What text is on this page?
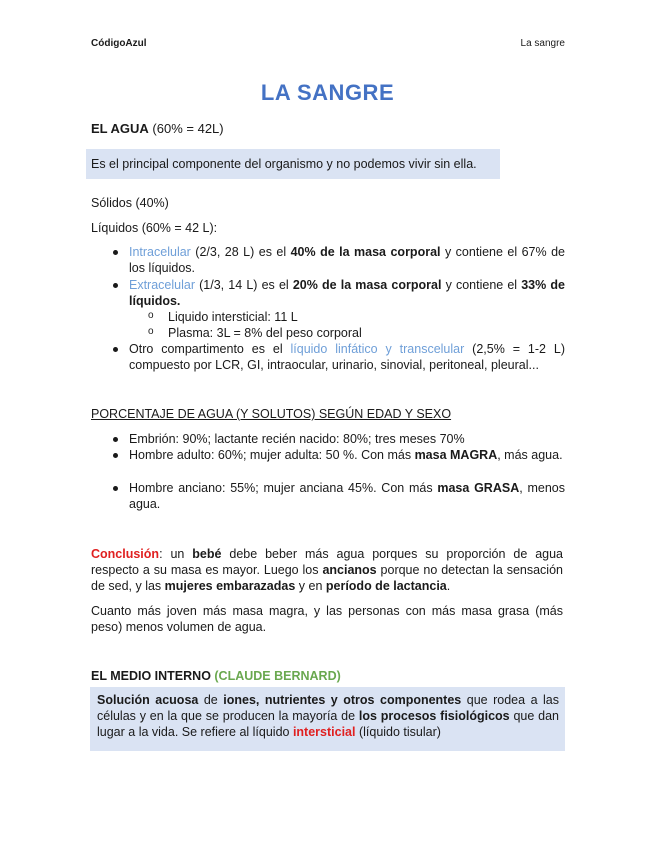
CódigoAzul	La sangre
LA SANGRE
EL AGUA (60% = 42L)
Es el principal componente del organismo y no podemos vivir sin ella.
Sólidos (40%)
Líquidos (60% = 42 L):
Intracelular (2/3, 28 L) es el 40% de la masa corporal y contiene el 67% de los líquidos.
Extracelular (1/3, 14 L) es el 20% de la masa corporal y contiene el 33% de líquidos.
o Liquido intersticial: 11 L
o Plasma: 3L = 8% del peso corporal
Otro compartimento es el líquido linfático y transcelular (2,5% = 1-2 L) compuesto por LCR, GI, intraocular, urinario, sinovial, peritoneal, pleural...
PORCENTAJE DE AGUA (Y SOLUTOS) SEGÚN EDAD Y SEXO
Embrión: 90%; lactante recién nacido: 80%; tres meses 70%
Hombre adulto: 60%; mujer adulta: 50 %. Con más masa MAGRA, más agua.
Hombre anciano: 55%; mujer anciana 45%. Con más masa GRASA, menos agua.
Conclusión: un bebé debe beber más agua porques su proporción de agua respecto a su masa es mayor. Luego los ancianos porque no detectan la sensación de sed, y las mujeres embarazadas y en período de lactancia.
Cuanto más joven más masa magra, y las personas con más masa grasa (más peso) menos volumen de agua.
EL MEDIO INTERNO (CLAUDE BERNARD)
Solución acuosa de iones, nutrientes y otros componentes que rodea a las células y en la que se producen la mayoría de los procesos fisiológicos que dan lugar a la vida. Se refiere al líquido intersticial (líquido tisular)
